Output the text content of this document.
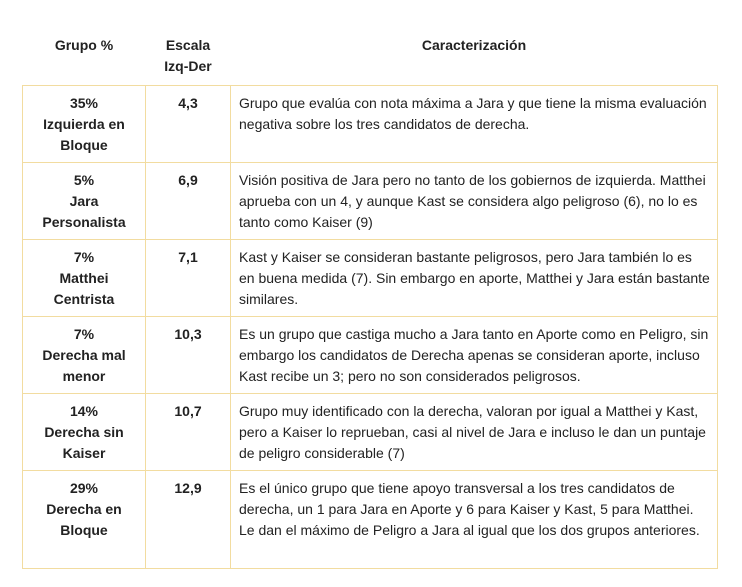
Grupo %	Escala
Izq-Der	Caracterización

35%
Izquierda en Bloque	4,3	Grupo que evalúa con nota máxima a Jara y que tiene la misma evaluación negativa sobre los tres candidatos de derecha.

5%
Jara Personalista	6,9	Visión positiva de Jara pero no tanto de los gobiernos de izquierda. Matthei aprueba con un 4, y aunque Kast se considera algo peligroso (6), no lo es tanto como Kaiser (9)

7%
Matthei Centrista	7,1	Kast y Kaiser se consideran bastante peligrosos, pero Jara también lo es en buena medida (7). Sin embargo en aporte, Matthei y Jara están bastante similares.

7%
Derecha mal menor	10,3	Es un grupo que castiga mucho a Jara tanto en Aporte como en Peligro, sin embargo los candidatos de Derecha apenas se consideran aporte, incluso Kast recibe un 3; pero no son considerados peligrosos.

14%
Derecha sin Kaiser	10,7	Grupo muy identificado con la derecha, valoran por igual a Matthei y Kast, pero a Kaiser lo reprueban, casi al nivel de Jara e incluso le dan un puntaje de peligro considerable (7)

29%
Derecha en Bloque	12,9	Es el único grupo que tiene apoyo transversal a los tres candidatos de derecha, un 1 para Jara en Aporte y 6 para Kaiser y Kast, 5 para Matthei. Le dan el máximo de Peligro a Jara al igual que los dos grupos anteriores.
